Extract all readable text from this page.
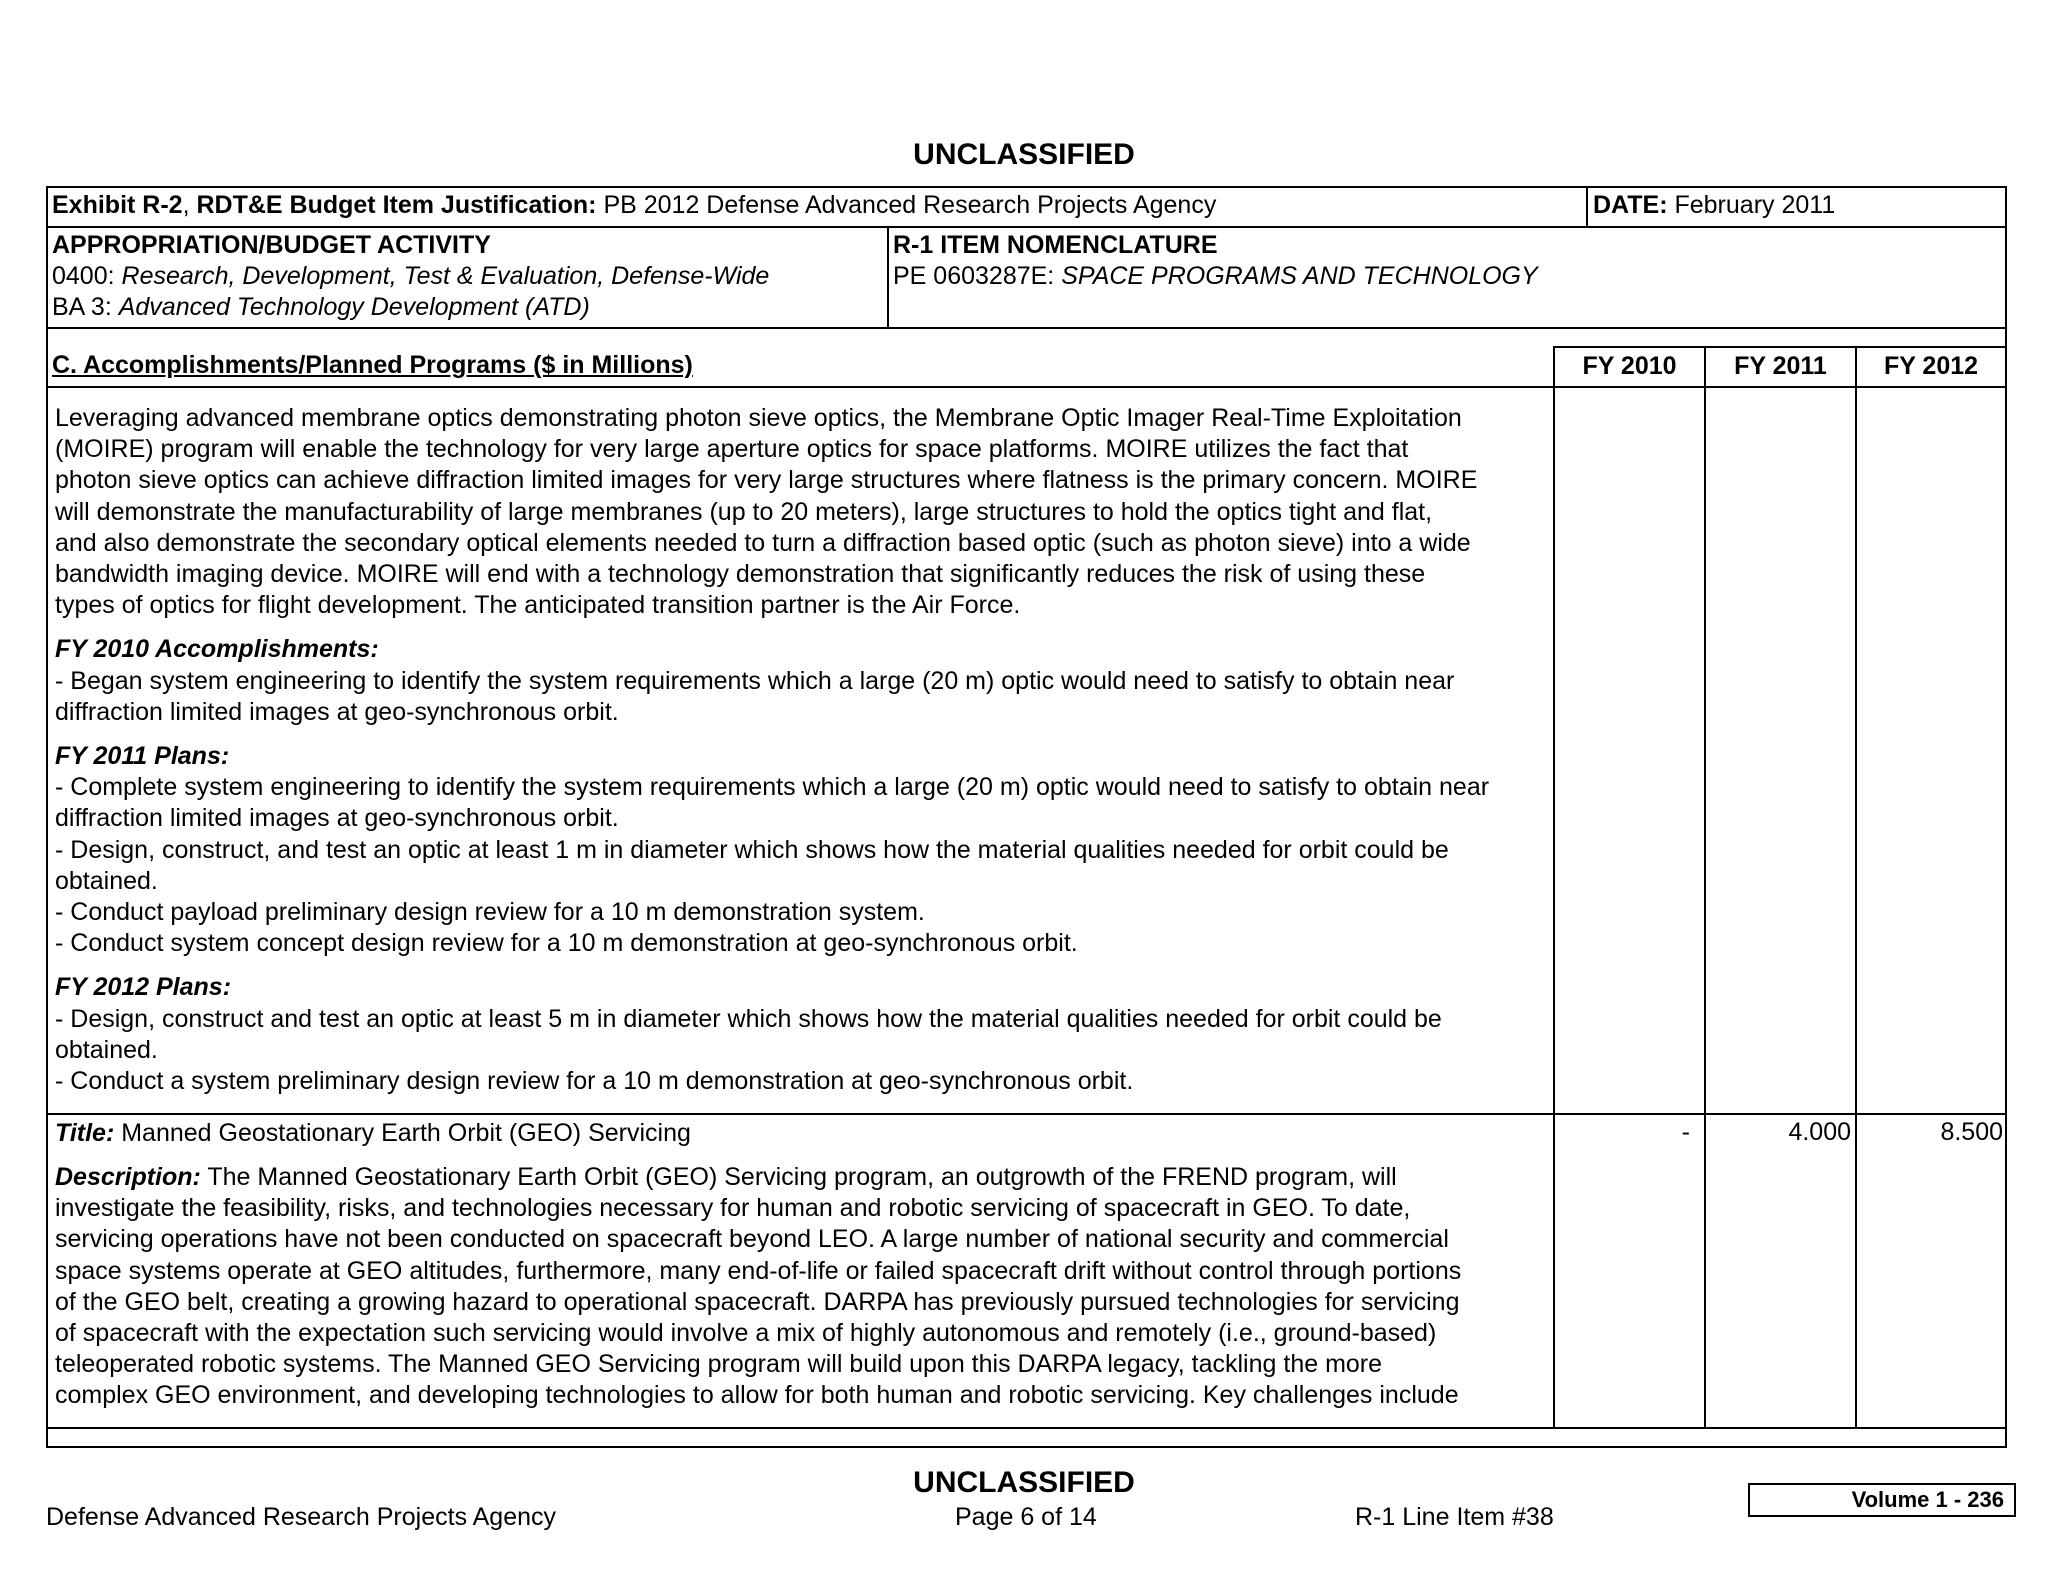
UNCLASSIFIED
Exhibit R-2, RDT&E Budget Item Justification: PB 2012 Defense Advanced Research Projects Agency	DATE: February 2011
APPROPRIATION/BUDGET ACTIVITY
0400: Research, Development, Test & Evaluation, Defense-Wide
BA 3: Advanced Technology Development (ATD)
R-1 ITEM NOMENCLATURE
PE 0603287E: SPACE PROGRAMS AND TECHNOLOGY
C. Accomplishments/Planned Programs ($ in Millions)	FY 2010	FY 2011	FY 2012
Leveraging advanced membrane optics demonstrating photon sieve optics, the Membrane Optic Imager Real-Time Exploitation
(MOIRE) program will enable the technology for very large aperture optics for space platforms. MOIRE utilizes the fact that
photon sieve optics can achieve diffraction limited images for very large structures where flatness is the primary concern. MOIRE
will demonstrate the manufacturability of large membranes (up to 20 meters), large structures to hold the optics tight and flat,
and also demonstrate the secondary optical elements needed to turn a diffraction based optic (such as photon sieve) into a wide
bandwidth imaging device. MOIRE will end with a technology demonstration that significantly reduces the risk of using these
types of optics for flight development. The anticipated transition partner is the Air Force.
FY 2010 Accomplishments:
- Began system engineering to identify the system requirements which a large (20 m) optic would need to satisfy to obtain near
diffraction limited images at geo-synchronous orbit.
FY 2011 Plans:
- Complete system engineering to identify the system requirements which a large (20 m) optic would need to satisfy to obtain near
diffraction limited images at geo-synchronous orbit.
- Design, construct, and test an optic at least 1 m in diameter which shows how the material qualities needed for orbit could be
obtained.
- Conduct payload preliminary design review for a 10 m demonstration system.
- Conduct system concept design review for a 10 m demonstration at geo-synchronous orbit.
FY 2012 Plans:
- Design, construct and test an optic at least 5 m in diameter which shows how the material qualities needed for orbit could be
obtained.
- Conduct a system preliminary design review for a 10 m demonstration at geo-synchronous orbit.
Title: Manned Geostationary Earth Orbit (GEO) Servicing	-	4.000	8.500
Description: The Manned Geostationary Earth Orbit (GEO) Servicing program, an outgrowth of the FREND program, will
investigate the feasibility, risks, and technologies necessary for human and robotic servicing of spacecraft in GEO. To date,
servicing operations have not been conducted on spacecraft beyond LEO. A large number of national security and commercial
space systems operate at GEO altitudes, furthermore, many end-of-life or failed spacecraft drift without control through portions
of the GEO belt, creating a growing hazard to operational spacecraft. DARPA has previously pursued technologies for servicing
of spacecraft with the expectation such servicing would involve a mix of highly autonomous and remotely (i.e., ground-based)
teleoperated robotic systems. The Manned GEO Servicing program will build upon this DARPA legacy, tackling the more
complex GEO environment, and developing technologies to allow for both human and robotic servicing. Key challenges include
UNCLASSIFIED
Defense Advanced Research Projects Agency	Page 6 of 14	R-1 Line Item #38
Volume 1 - 236
